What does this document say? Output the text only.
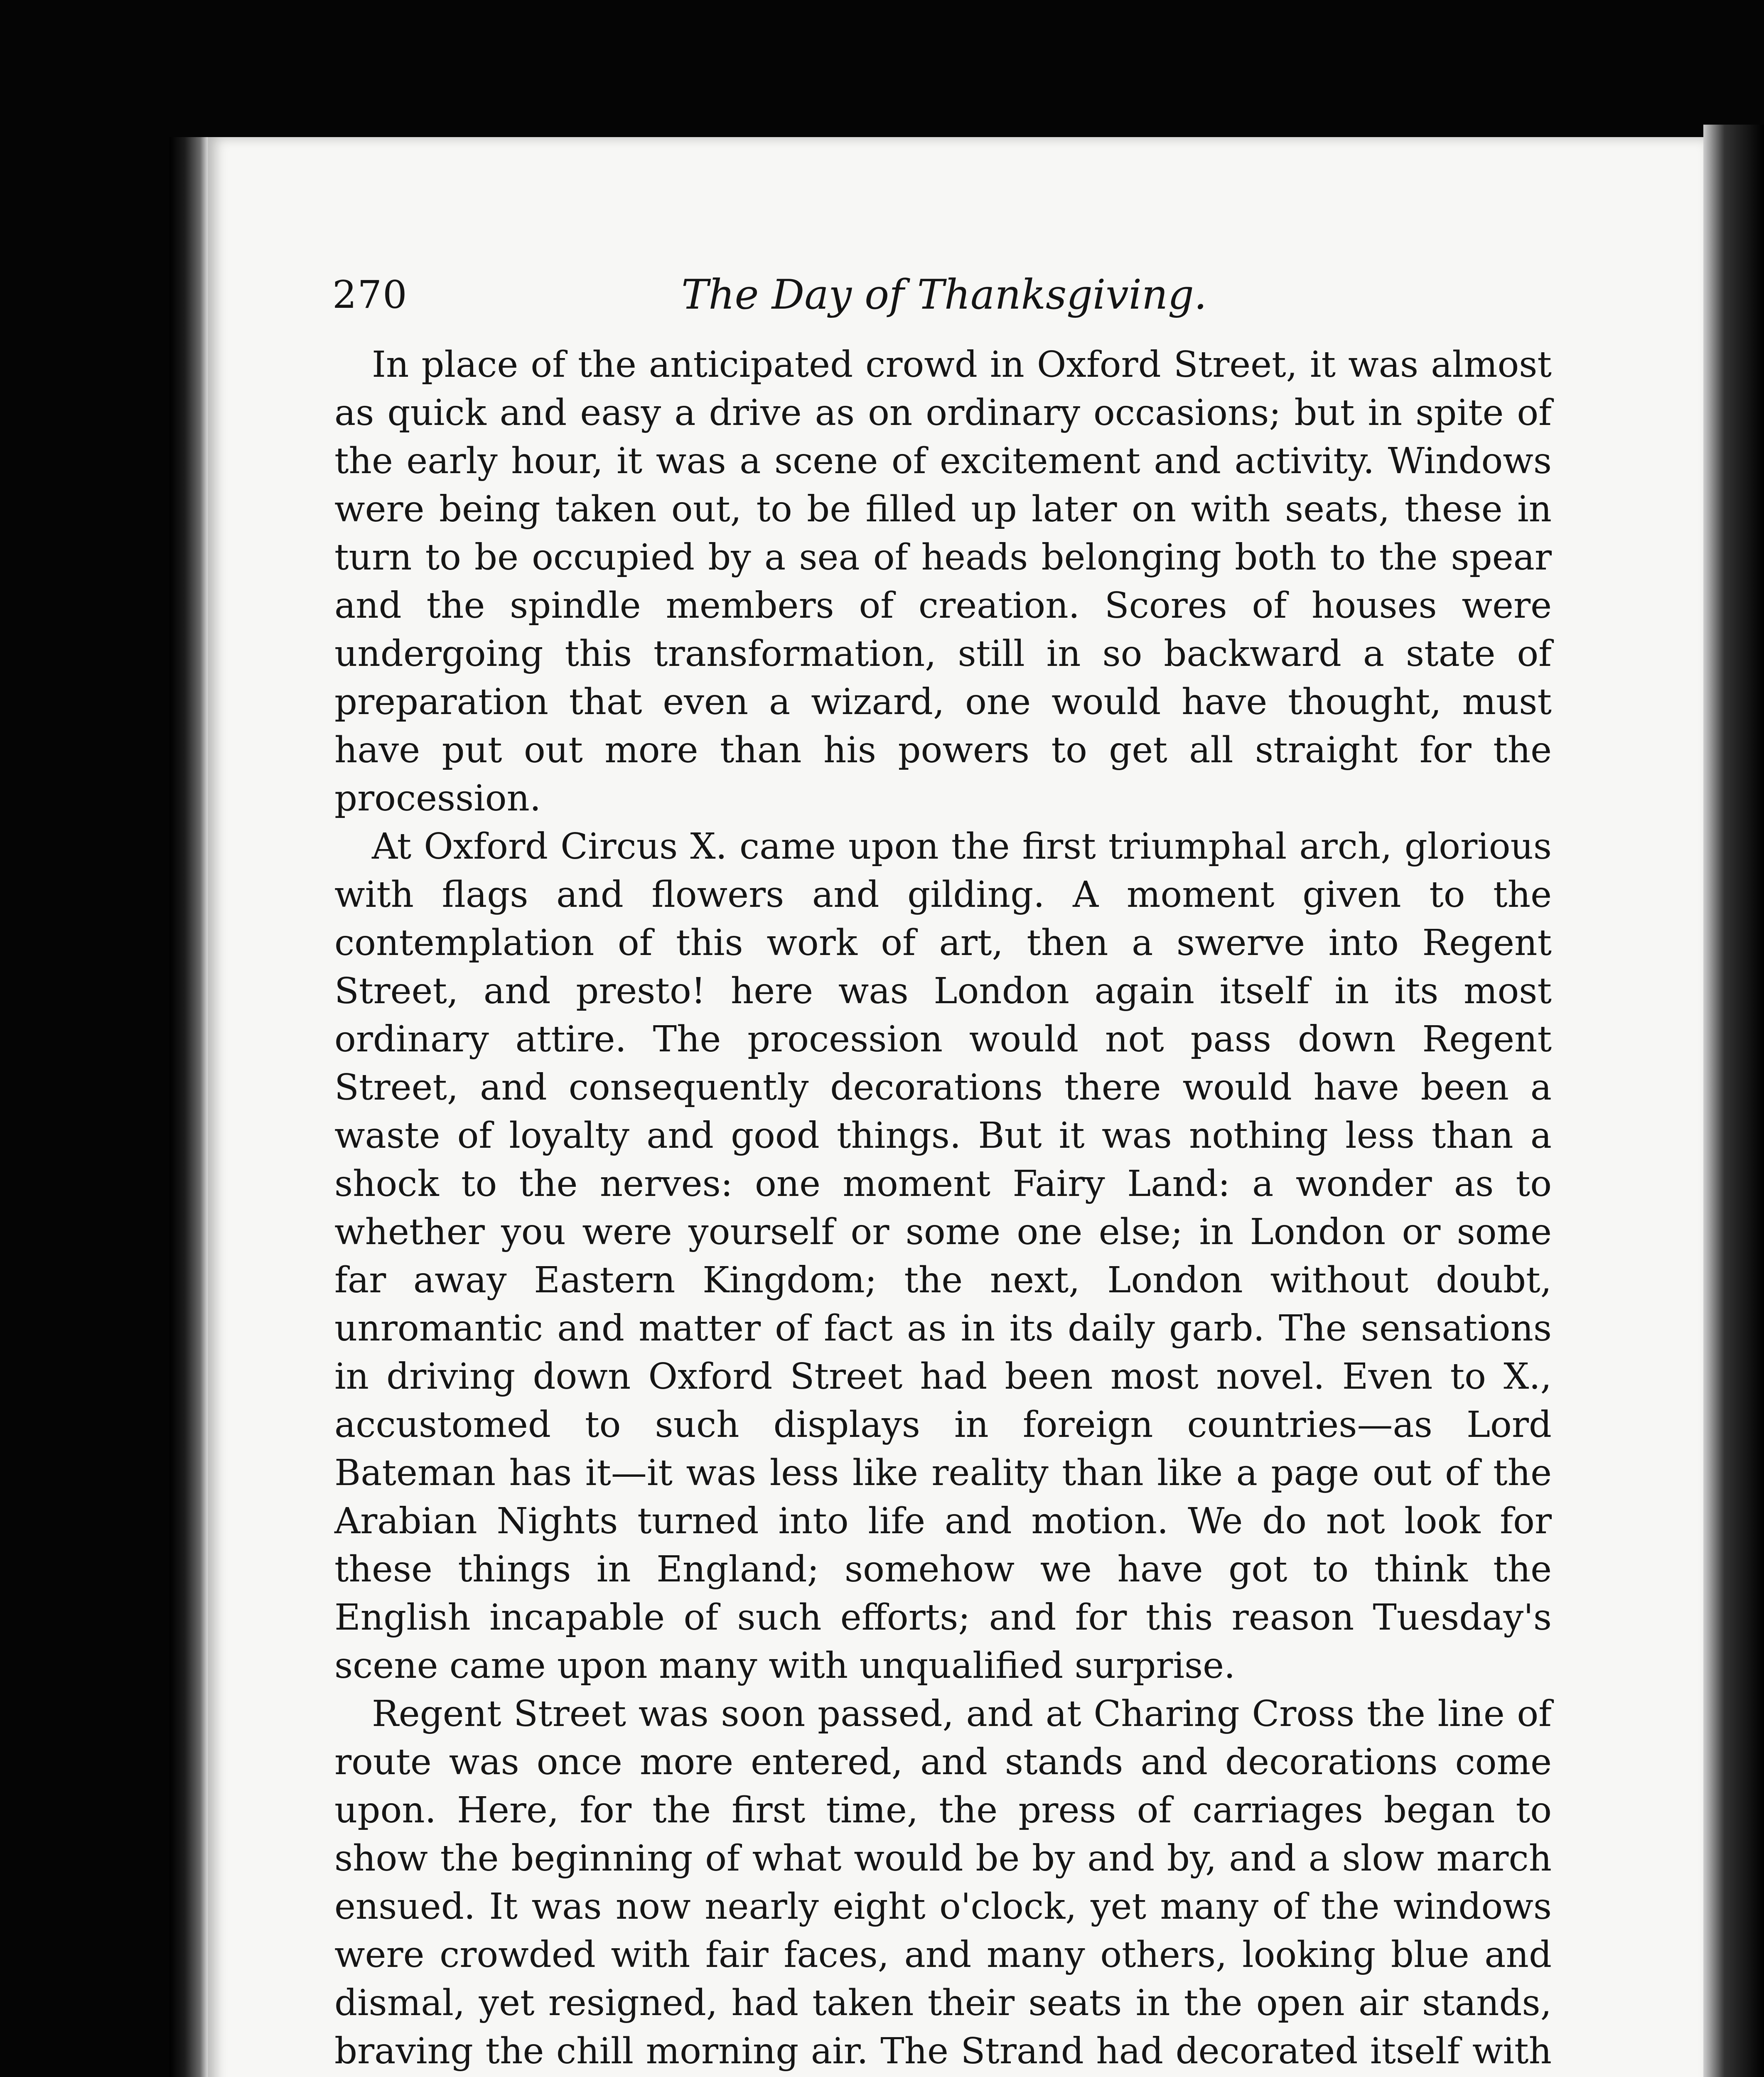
270	The Day of Thanksgiving.

In place of the anticipated crowd in Oxford Street, it was almost as quick and easy a drive as on ordinary occasions; but in spite of the early hour, it was a scene of excitement and activity. Windows were being taken out, to be filled up later on with seats, these in turn to be occupied by a sea of heads belonging both to the spear and the spindle members of creation. Scores of houses were undergoing this transformation, still in so backward a state of preparation that even a wizard, one would have thought, must have put out more than his powers to get all straight for the procession.

At Oxford Circus X. came upon the first triumphal arch, glorious with flags and flowers and gilding. A moment given to the contemplation of this work of art, then a swerve into Regent Street, and presto! here was London again itself in its most ordinary attire. The procession would not pass down Regent Street, and consequently decorations there would have been a waste of loyalty and good things. But it was nothing less than a shock to the nerves: one moment Fairy Land: a wonder as to whether you were yourself or some one else; in London or some far away Eastern Kingdom; the next, London without doubt, unromantic and matter of fact as in its daily garb. The sensations in driving down Oxford Street had been most novel. Even to X., accustomed to such displays in foreign countries—as Lord Bateman has it—it was less like reality than like a page out of the Arabian Nights turned into life and motion. We do not look for these things in England; somehow we have got to think the English incapable of such efforts; and for this reason Tuesday's scene came upon many with unqualified surprise.

Regent Street was soon passed, and at Charing Cross the line of route was once more entered, and stands and decorations come upon. Here, for the first time, the press of carriages began to show the beginning of what would be by and by, and a slow march ensued. It was now nearly eight o'clock, yet many of the windows were crowded with fair faces, and many others, looking blue and dismal, yet resigned, had taken their seats in the open air stands, braving the chill morning air. The Strand had decorated itself with
